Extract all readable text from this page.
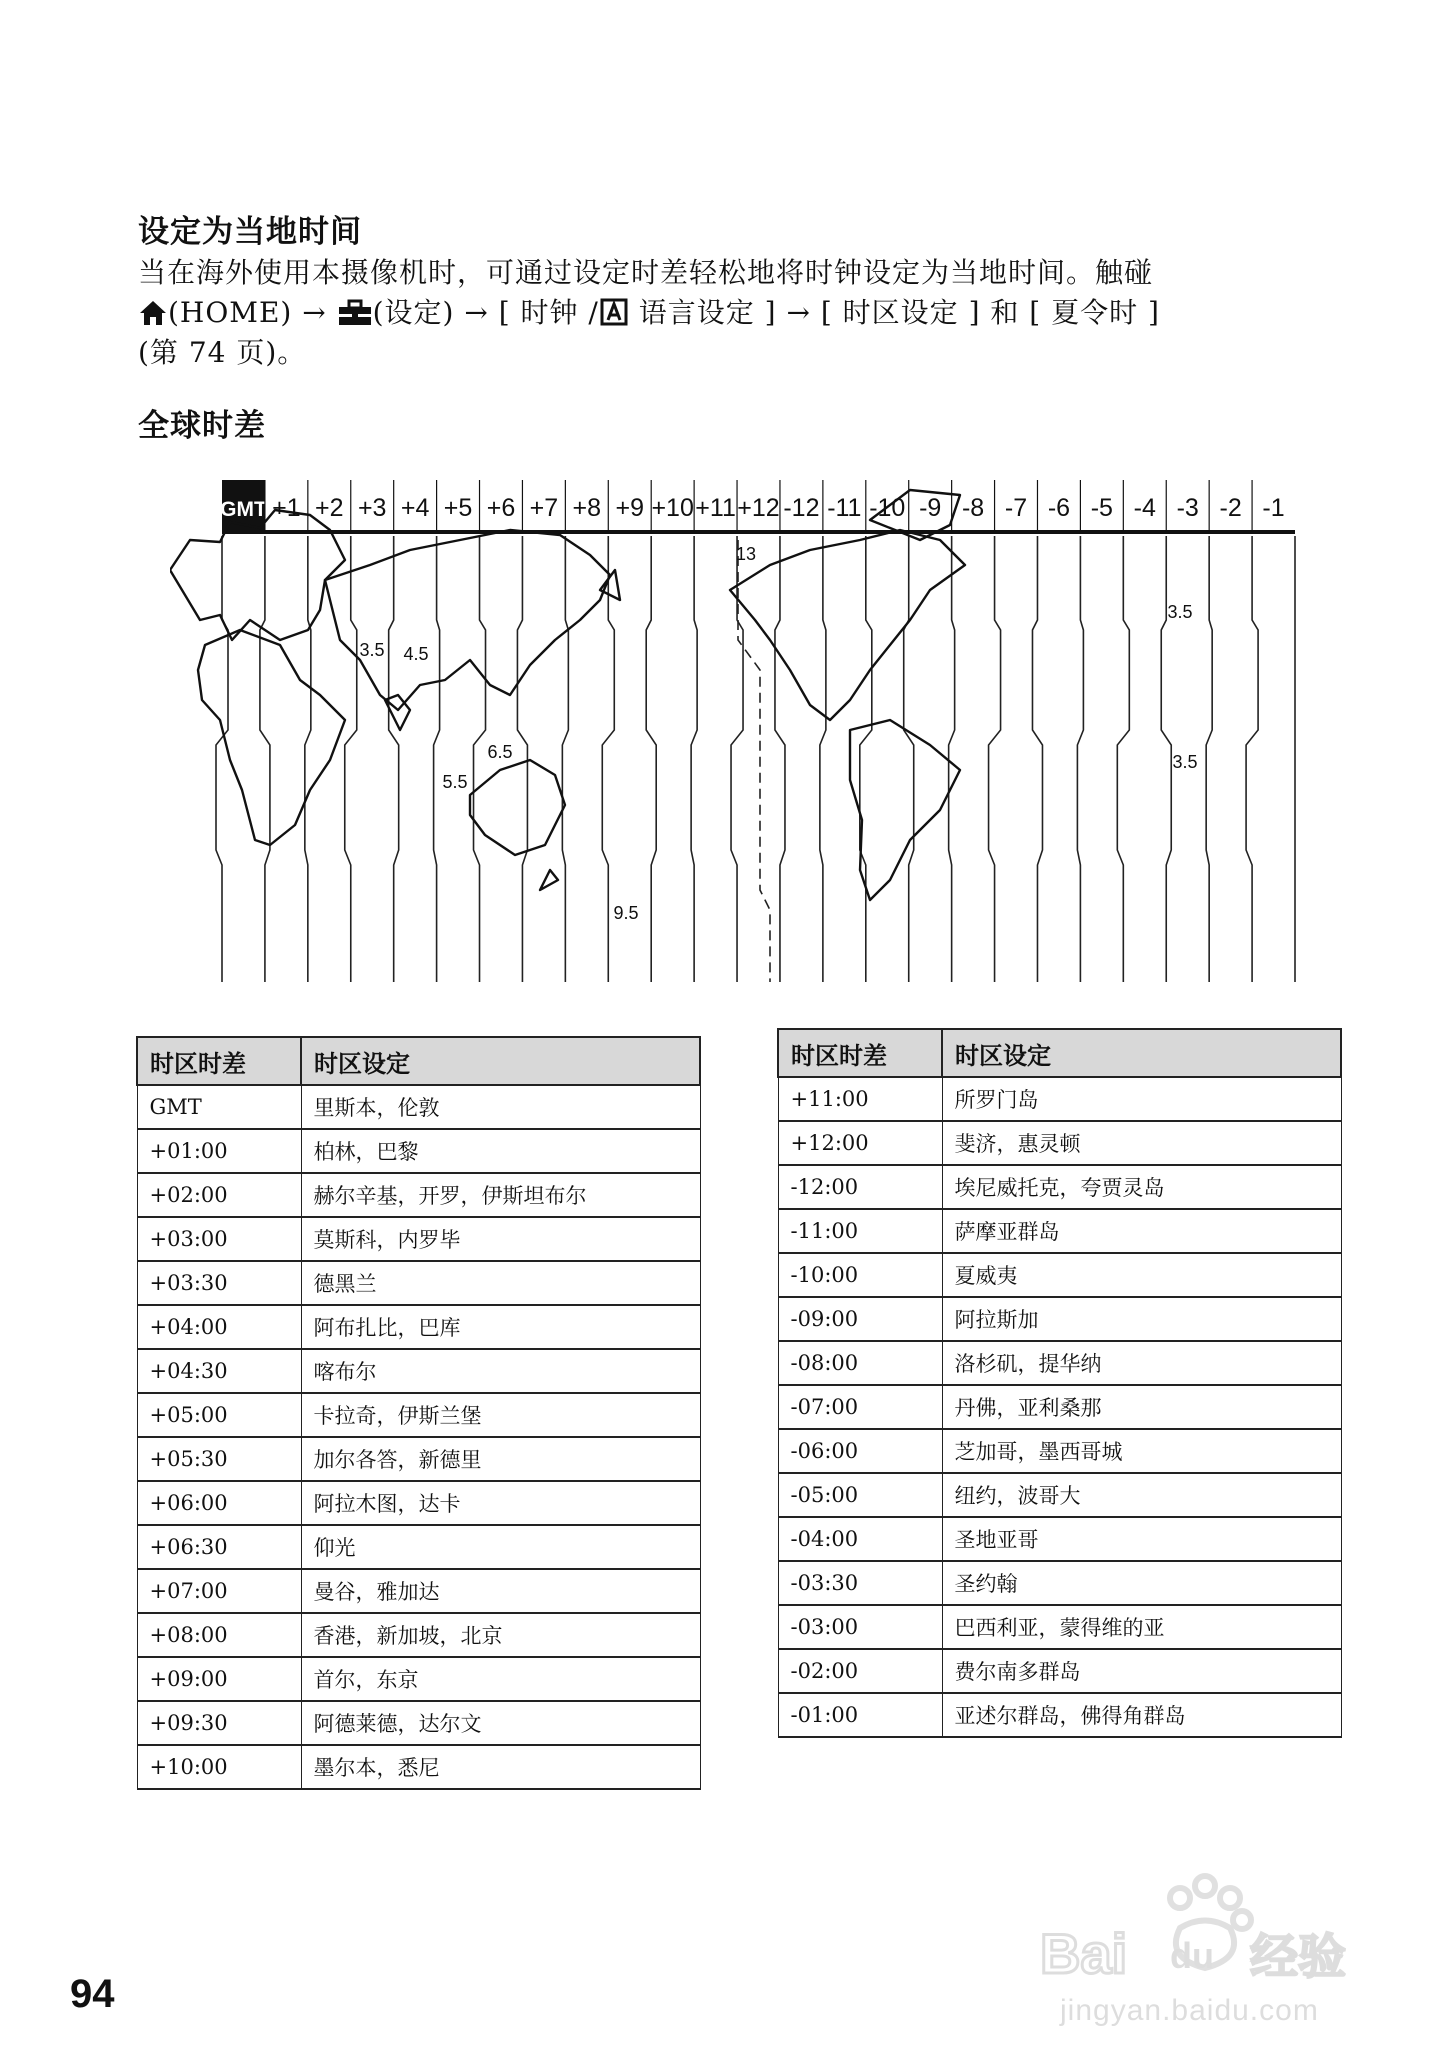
设定为当地时间
当在海外使用本摄像机时，可通过设定时差轻松地将时钟设定为当地时间。触碰
(HOME) → (设定) → [ 时钟 / 语言设定 ] → [ 时区设定 ] 和 [ 夏令时 ]
(第 74 页)。
全球时差
GMT +1 +2 +3 +4 +5 +6 +7 +8 +9 +10 +11 +12 -12 -11 -10 -9 -8 -7 -6 -5 -4 -3 -2 -1
13
3.5 4.5
5.5
6.5
9.5
3.5
3.5
时区时差	时区设定
GMT	里斯本，伦敦
+01:00	柏林，巴黎
+02:00	赫尔辛基，开罗，伊斯坦布尔
+03:00	莫斯科，内罗毕
+03:30	德黑兰
+04:00	阿布扎比，巴库
+04:30	喀布尔
+05:00	卡拉奇，伊斯兰堡
+05:30	加尔各答，新德里
+06:00	阿拉木图，达卡
+06:30	仰光
+07:00	曼谷，雅加达
+08:00	香港，新加坡，北京
+09:00	首尔，东京
+09:30	阿德莱德，达尔文
+10:00	墨尔本，悉尼
时区时差	时区设定
+11:00	所罗门岛
+12:00	斐济，惠灵顿
-12:00	埃尼威托克，夸贾灵岛
-11:00	萨摩亚群岛
-10:00	夏威夷
-09:00	阿拉斯加
-08:00	洛杉矶，提华纳
-07:00	丹佛，亚利桑那
-06:00	芝加哥，墨西哥城
-05:00	纽约，波哥大
-04:00	圣地亚哥
-03:30	圣约翰
-03:00	巴西利亚，蒙得维的亚
-02:00	费尔南多群岛
-01:00	亚述尔群岛，佛得角群岛
94
Bai du 经验
jingyan.baidu.com
